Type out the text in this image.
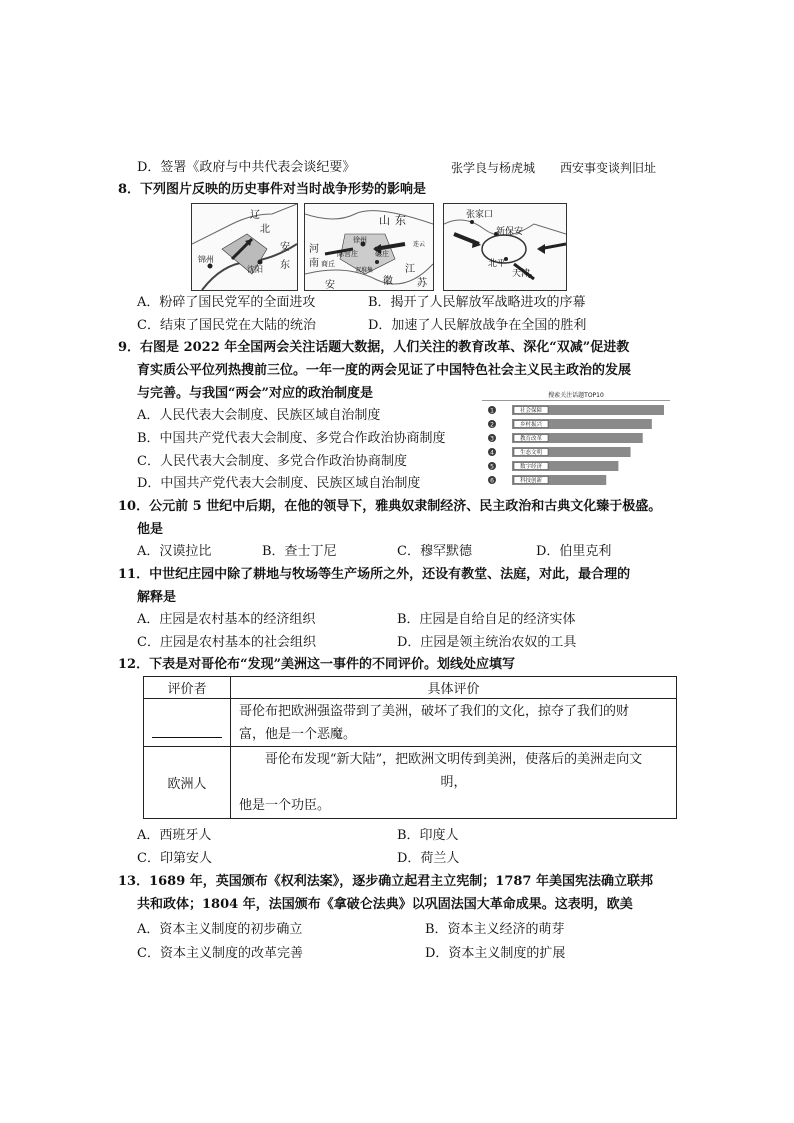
D．签署《政府与中共代表会谈纪要》	张学良与杨虎城 西安事变谈判旧址
8．下列图片反映的历史事件对当时战争形势的影响是
辽
北
锦州
沈阳
安
东
山 东
河
南
徐州
商丘
陈官庄 碾庄
双堆集
安	徽
江
苏
连云
张家口
新保安
北平
天津
A．粉碎了国民党军的全面进攻	B．揭开了人民解放军战略进攻的序幕
C．结束了国民党在大陆的统治	D．加速了人民解放战争在全国的胜利
9．右图是 2022 年全国两会关注话题大数据，人们关注的教育改革、深化“双减”促进教
育实质公平位列热搜前三位。一年一度的两会见证了中国特色社会主义民主政治的发展
与完善。与我国“两会”对应的政治制度是
A．人民代表大会制度、民族区域自治制度
B．中国共产党代表大会制度、多党合作政治协商制度
C．人民代表大会制度、多党合作政治协商制度
D．中国共产党代表大会制度、民族区域自治制度
搜索关注话题TOP10
1	社会保障
2	乡村振兴
3	教育改革
4	生态文明
5	数字经济
6	科技创新
10．公元前 5 世纪中后期，在他的领导下，雅典奴隶制经济、民主政治和古典文化臻于极盛。
他是
A．汉谟拉比	B．查士丁尼	C．穆罕默德	D．伯里克利
11．中世纪庄园中除了耕地与牧场等生产场所之外，还设有教堂、法庭，对此，最合理的
解释是
A．庄园是农村基本的经济组织	B．庄园是自给自足的经济实体
C．庄园是农村基本的社会组织	D．庄园是领主统治农奴的工具
12．下表是对哥伦布“发现”美洲这一事件的不同评价。划线处应填写
评价者	具体评价

	哥伦布把欧洲强盗带到了美洲，破坏了我们的文化，掠夺了我们的财
富，他是一个恶魔。

欧洲人	哥伦布发现“新大陆”，把欧洲文明传到美洲，使落后的美洲走向文
明，
他是一个功臣。
A．西班牙人	B．印度人
C．印第安人	D．荷兰人
13．1689 年，英国颁布《权利法案》，逐步确立起君主立宪制；1787 年美国宪法确立联邦
共和政体；1804 年，法国颁布《拿破仑法典》以巩固法国大革命成果。这表明，欧美
A．资本主义制度的初步确立	B．资本主义经济的萌芽
C．资本主义制度的改革完善	D．资本主义制度的扩展
